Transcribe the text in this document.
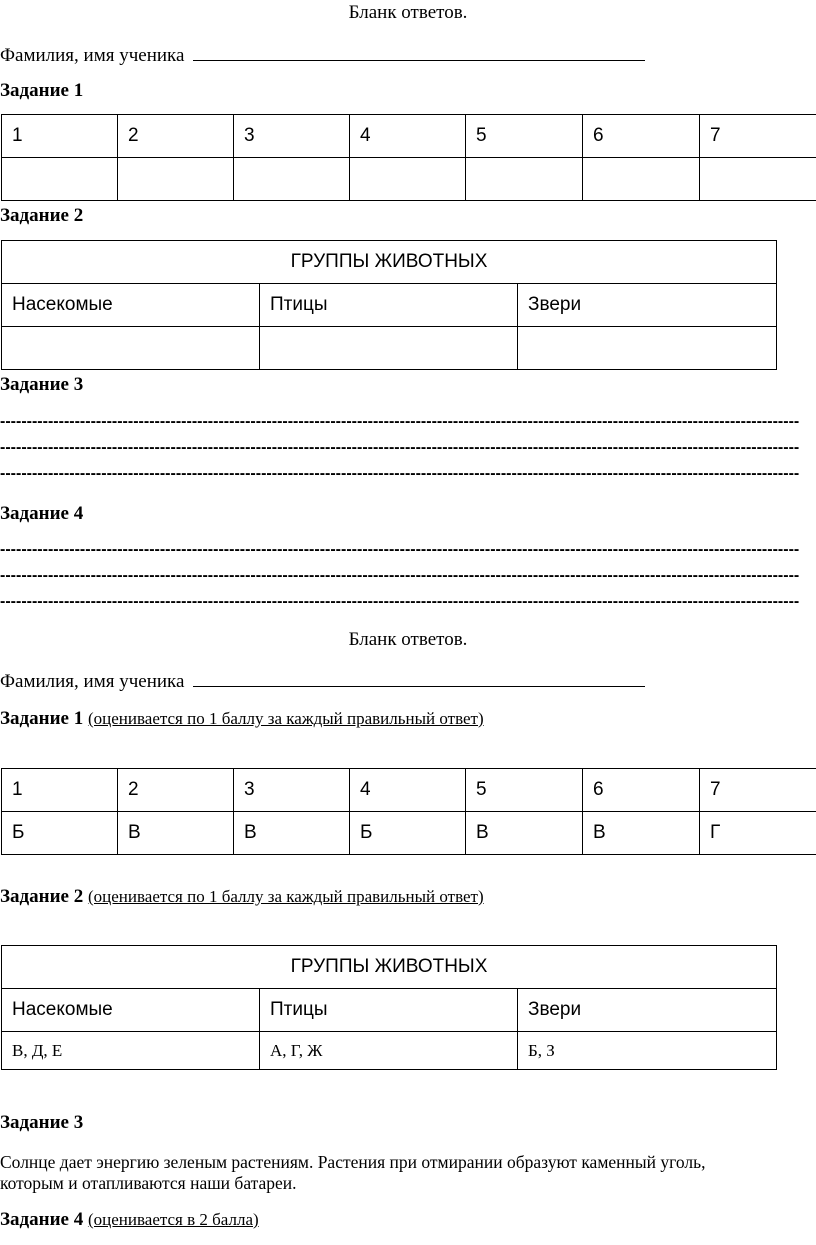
Бланк ответов.
Фамилия, имя ученика
Задание 1
1	2	3	4	5	6	7

Задание 2
ГРУППЫ ЖИВОТНЫХ		
Насекомые	Птицы	Звери

Задание 3
------------------------------------------------------------------------------------------------------------------------------------------------------
------------------------------------------------------------------------------------------------------------------------------------------------------
------------------------------------------------------------------------------------------------------------------------------------------------------
Задание 4
------------------------------------------------------------------------------------------------------------------------------------------------------
------------------------------------------------------------------------------------------------------------------------------------------------------
------------------------------------------------------------------------------------------------------------------------------------------------------
Бланк ответов.
Фамилия, имя ученика
Задание 1 (оценивается по 1 баллу за каждый правильный ответ)
1	2	3	4	5	6	7
Б	В	В	Б	В	В	Г
Задание 2 (оценивается по 1 баллу за каждый правильный ответ)
ГРУППЫ ЖИВОТНЫХ		
Насекомые	Птицы	Звери
В, Д, Е	А, Г, Ж	Б, З
Задание 3
Солнце дает энергию зеленым растениям. Растения при отмирании образуют каменный уголь,
которым и отапливаются наши батареи.
Задание 4 (оценивается в 2 балла)
